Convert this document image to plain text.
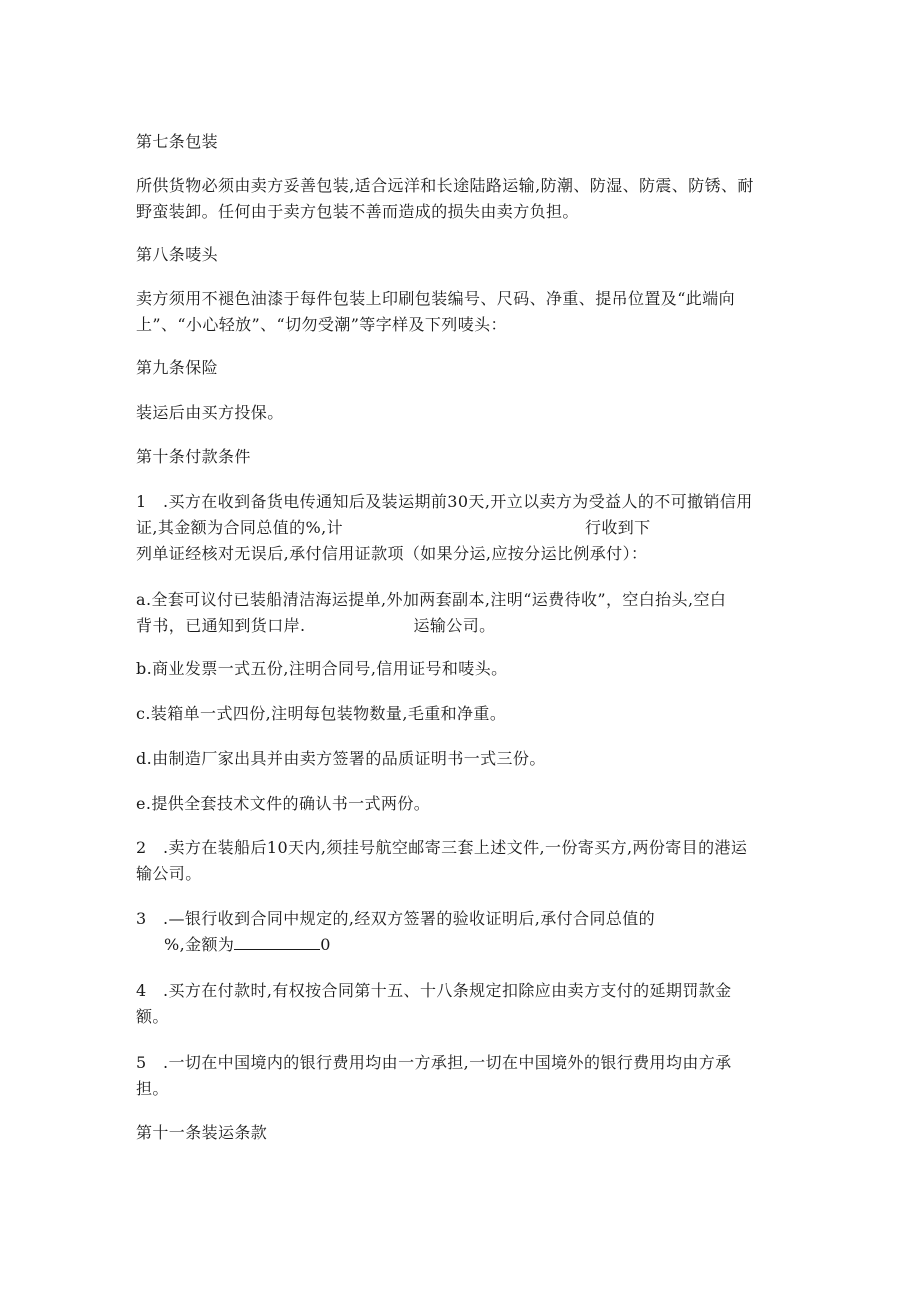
第七条包装
所供货物必须由卖方妥善包装,适合远洋和长途陆路运输,防潮、防湿、防震、防锈、耐
野蛮装卸。任何由于卖方包装不善而造成的损失由卖方负担。
第八条唛头
卖方须用不褪色油漆于每件包装上印刷包装编号、尺码、净重、提吊位置及“此端向
上”、“小心轻放”、“切勿受潮”等字样及下列唛头：
第九条保险
装运后由买方投保。
第十条付款条件
1　.买方在收到备货电传通知后及装运期前30天,开立以卖方为受益人的不可撤销信用
证,其金额为合同总值的%,计	行收到下
列单证经核对无误后,承付信用证款项（如果分运,应按分运比例承付）：
a.全套可议付已装船清洁海运提单,外加两套副本,注明“运费待收”，空白抬头,空白
背书，已通知到货口岸.	运输公司。
b.商业发票一式五份,注明合同号,信用证号和唛头。
c.装箱单一式四份,注明每包装物数量,毛重和净重。
d.由制造厂家出具并由卖方签署的品质证明书一式三份。
e.提供全套技术文件的确认书一式两份。
2　.卖方在装船后10天内,须挂号航空邮寄三套上述文件,一份寄买方,两份寄目的港运
输公司。
3　.—银行收到合同中规定的,经双方签署的验收证明后,承付合同总值的
%,金额为	0
4　.买方在付款时,有权按合同第十五、十八条规定扣除应由卖方支付的延期罚款金
额。
5　.一切在中国境内的银行费用均由一方承担,一切在中国境外的银行费用均由方承
担。
第十一条装运条款
